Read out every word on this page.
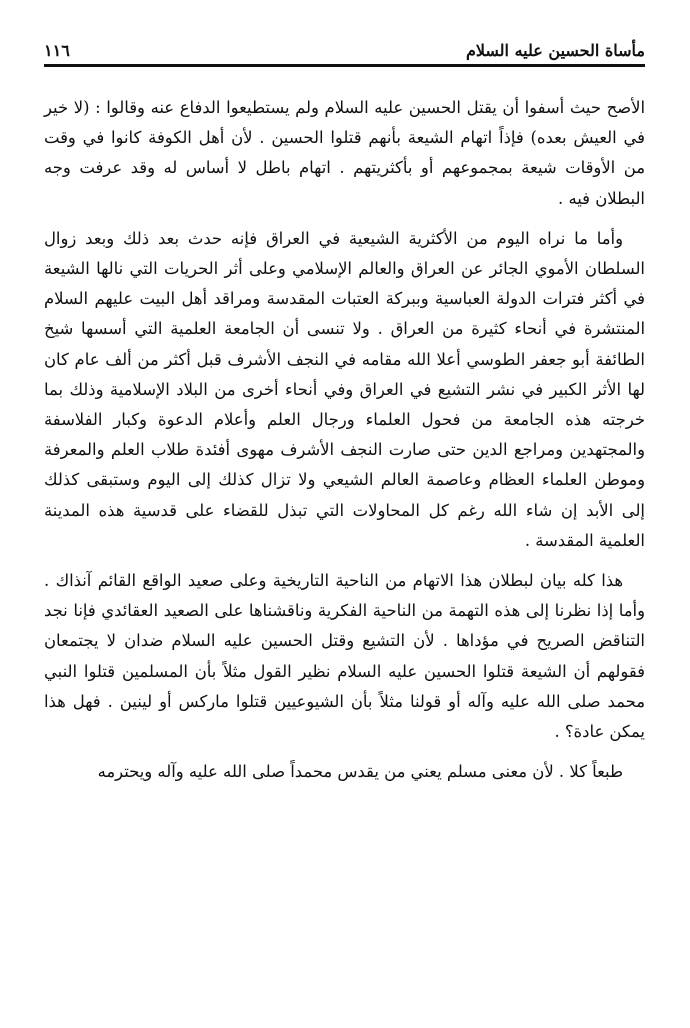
مأساة الحسين عليه السلام
١١٦

الأصح حيث أسفوا أن يقتل الحسين عليه السلام ولم يستطيعوا الدفاع عنه وقالوا : (لا خير في العيش بعده) فإذاً اتهام الشيعة بأنهم قتلوا الحسين . لأن أهل الكوفة كانوا في وقت من الأوقات شيعة بمجموعهم أو بأكثريتهم . اتهام باطل لا أساس له وقد عرفت وجه البطلان فيه .

وأما ما نراه اليوم من الأكثرية الشيعية في العراق فإنه حدث بعد ذلك وبعد زوال السلطان الأموي الجائر عن العراق والعالم الإسلامي وعلى أثر الحريات التي نالها الشيعة في أكثر فترات الدولة العباسية وببركة العتبات المقدسة ومراقد أهل البيت عليهم السلام المنتشرة في أنحاء كثيرة من العراق . ولا تنسى أن الجامعة العلمية التي أسسها شيخ الطائفة أبو جعفر الطوسي أعلا الله مقامه في النجف الأشرف قبل أكثر من ألف عام كان لها الأثر الكبير في نشر التشيع في العراق وفي أنحاء أخرى من البلاد الإسلامية وذلك بما خرجته هذه الجامعة من فحول العلماء ورجال العلم وأعلام الدعوة وكبار الفلاسفة والمجتهدين ومراجع الدين حتى صارت النجف الأشرف مهوى أفئدة طلاب العلم والمعرفة وموطن العلماء العظام وعاصمة العالم الشيعي ولا تزال كذلك إلى اليوم وستبقى كذلك إلى الأبد إن شاء الله رغم كل المحاولات التي تبذل للقضاء على قدسية هذه المدينة العلمية المقدسة .

هذا كله بيان لبطلان هذا الاتهام من الناحية التاريخية وعلى صعيد الواقع القائم آنذاك . وأما إذا نظرنا إلى هذه التهمة من الناحية الفكرية وناقشناها على الصعيد العقائدي فإنا نجد التناقض الصريح في مؤداها . لأن التشيع وقتل الحسين عليه السلام ضدان لا يجتمعان فقولهم أن الشيعة قتلوا الحسين عليه السلام نظير القول مثلاً بأن المسلمين قتلوا النبي محمد صلى الله عليه وآله أو قولنا مثلاً بأن الشيوعيين قتلوا ماركس أو لينين . فهل هذا يمكن عادة؟ .

طبعاً كلا . لأن معنى مسلم يعني من يقدس محمداً صلى الله عليه وآله ويحترمه
